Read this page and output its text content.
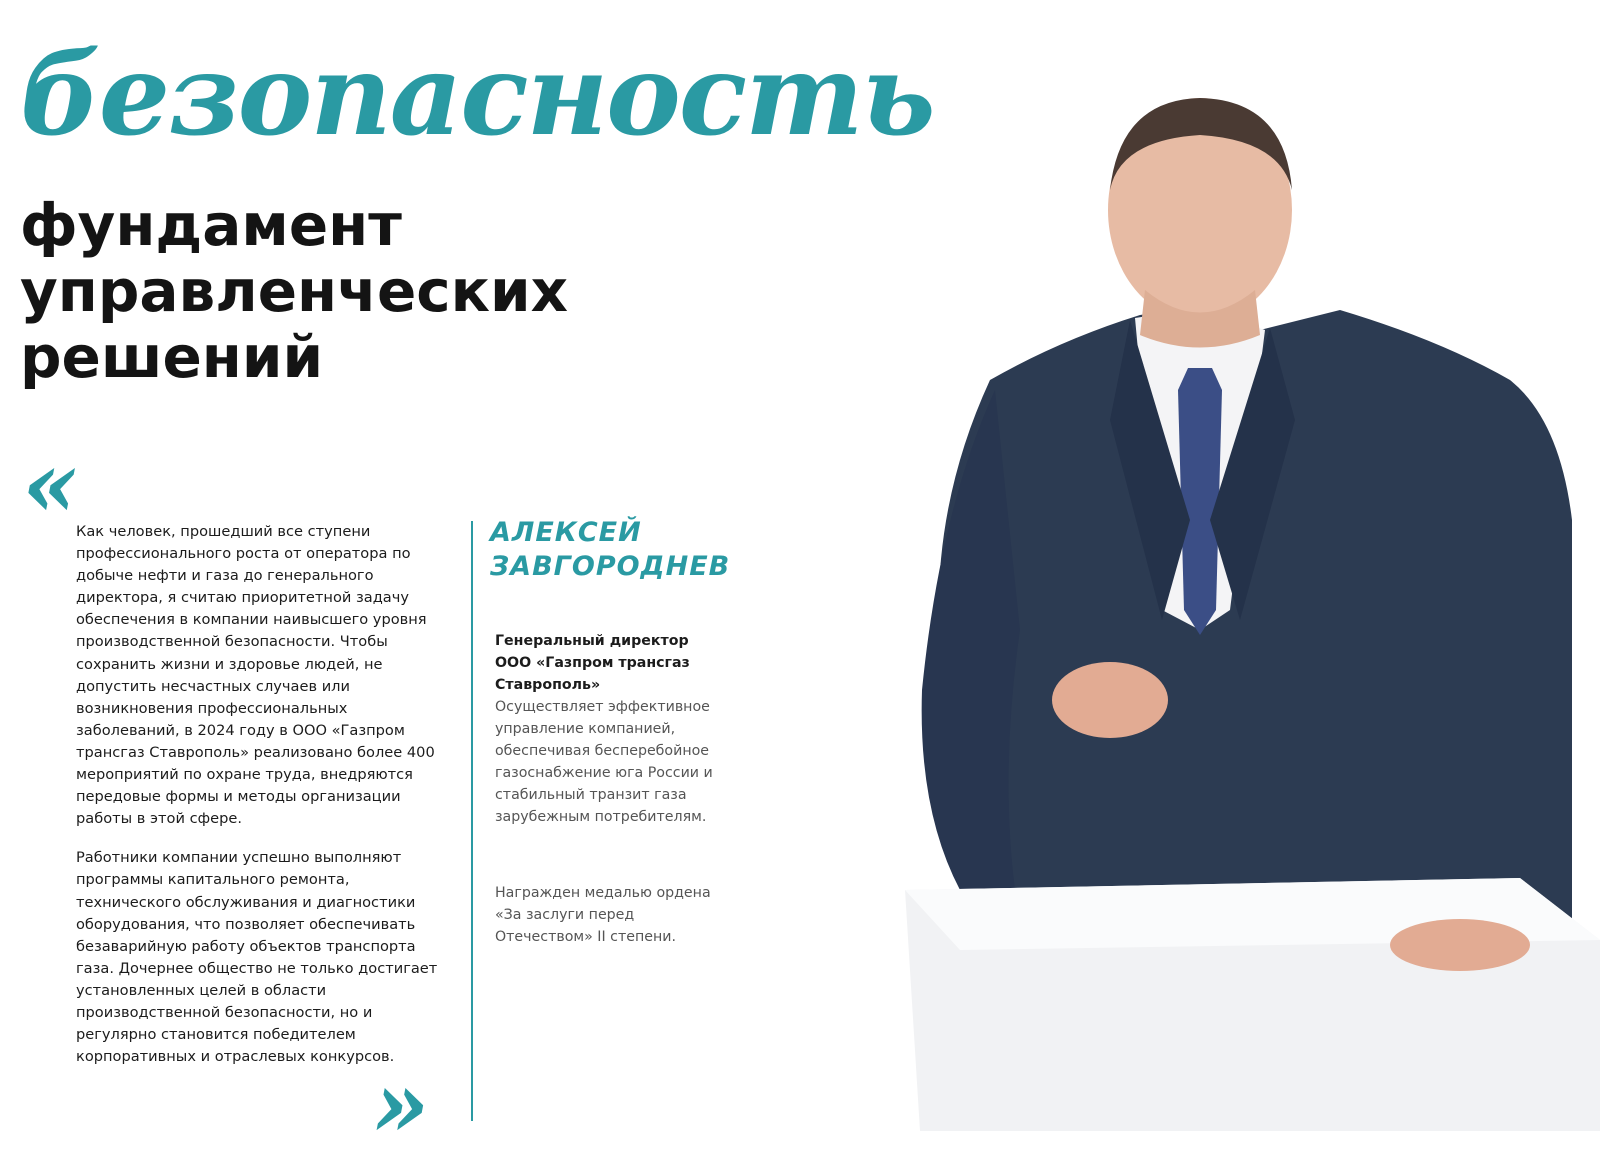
безопасность
фундамент
управленческих
решений
«

Как человек, прошедший все ступени профессионального роста от оператора по добыче нефти и газа до генерального директора, я считаю приоритетной задачу обеспечения в компании наивысшего уровня производственной безопасности. Чтобы сохранить жизни и здоровье людей, не допустить несчастных случаев или возникновения профессиональных заболеваний, в 2024 году в ООО «Газпром трансгаз Ставрополь» реализовано более 400 мероприятий по охране труда, внедряются передовые формы и методы организации работы в этой сфере.

Работники компании успешно выполняют программы капитального ремонта, технического обслуживания и диагностики оборудования, что позволяет обеспечивать безаварийную работу объектов транспорта газа. Дочернее общество не только достигает установленных целей в области производственной безопасности, но и регулярно становится победителем корпоративных и отраслевых конкурсов.

»
АЛЕКСЕЙ
ЗАВГОРОДНЕВ
Генеральный директор ООО «Газпром трансгаз Ставрополь»
Осуществляет эффективное управление компанией, обеспечивая бесперебойное газоснабжение юга России и стабильный транзит газа зарубежным потребителям.
Награжден медалью ордена «За заслуги перед Отечеством» II степени.
